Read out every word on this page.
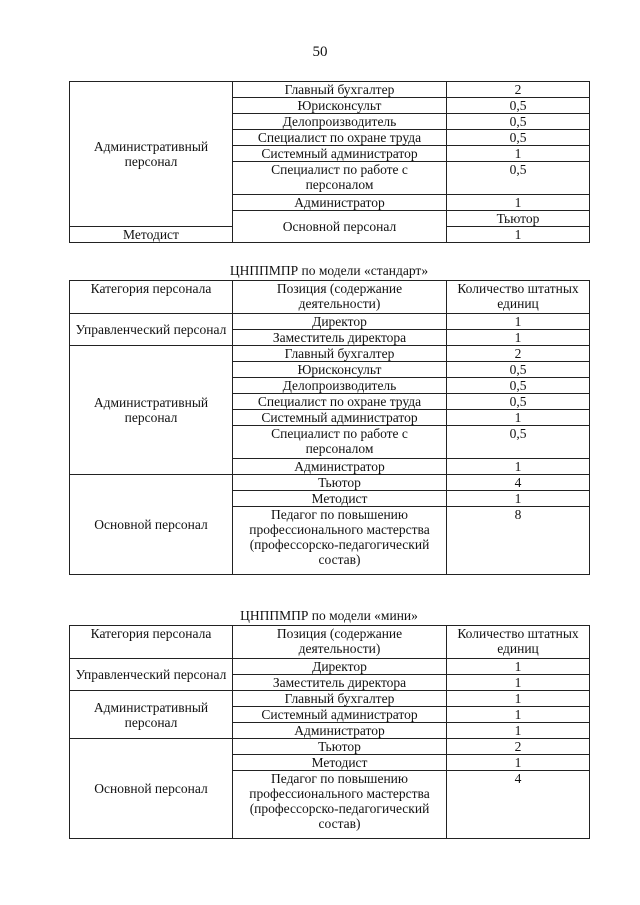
50
Административный персонал	Главный бухгалтер	2	
	Юрисконсульт	0,5	
	Делопроизводитель	0,5	
	Специалист по охране труда	0,5	
	Системный администратор	1	
	Специалист по работе с персоналом	0,5	
	Администратор	1	
	Основной персонал	Тьютор	
Методист		1	
ЦНППМПР по модели «стандарт»
Категория персонала	Позиция (содержание деятельности)	Количество штатных единиц
Управленческий персонал	Директор	1
	Заместитель директора	1
Административный персонал	Главный бухгалтер	2
	Юрисконсульт	0,5
	Делопроизводитель	0,5
	Специалист по охране труда	0,5
	Системный администратор	1
	Специалист по работе с персоналом	0,5
	Администратор	1
Основной персонал	Тьютор	4
	Методист	1
	Педагог по повышению профессионального мастерства (профессорско-педагогический состав)	8
ЦНППМПР по модели «мини»
Категория персонала	Позиция (содержание деятельности)	Количество штатных единиц
Управленческий персонал	Директор	1
	Заместитель директора	1
Административный персонал	Главный бухгалтер	1
	Системный администратор	1
	Администратор	1
Основной персонал	Тьютор	2
	Методист	1
	Педагог по повышению профессионального мастерства (профессорско-педагогический состав)	4
